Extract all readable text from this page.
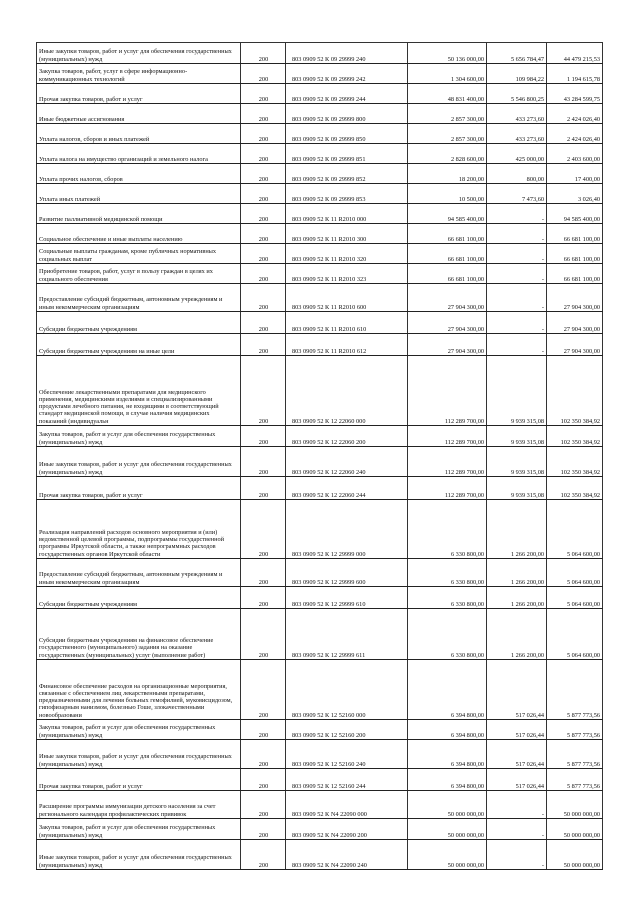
Иные закупки товаров, работ и услуг для обеспечения государственных (муниципальных) нужд	200	803 0909 52 К 09 29999 240	50 136 000,00	5 656 784,47	44 479 215,53
Закупка товаров, работ, услуг в сфере информационно-коммуникационных технологий	200	803 0909 52 К 09 29999 242	1 304 600,00	109 984,22	1 194 615,78
Прочая закупка товаров, работ и услуг	200	803 0909 52 К 09 29999 244	48 831 400,00	5 546 800,25	43 284 599,75
Иные бюджетные ассигнования	200	803 0909 52 К 09 29999 800	2 857 300,00	433 273,60	2 424 026,40
Уплата налогов, сборов и иных платежей	200	803 0909 52 К 09 29999 850	2 857 300,00	433 273,60	2 424 026,40
Уплата налога на имущество организаций и земельного налога	200	803 0909 52 К 09 29999 851	2 828 600,00	425 000,00	2 403 600,00
Уплата прочих налогов, сборов	200	803 0909 52 К 09 29999 852	18 200,00	800,00	17 400,00
Уплата иных платежей	200	803 0909 52 К 09 29999 853	10 500,00	7 473,60	3 026,40
Развитие паллиативной медицинской помощи	200	803 0909 52 К 11 R2010 000	94 585 400,00	-	94 585 400,00
Социальное обеспечение и иные выплаты населению	200	803 0909 52 К 11 R2010 300	66 681 100,00	-	66 681 100,00
Социальные выплаты гражданам, кроме публичных нормативных социальных выплат	200	803 0909 52 К 11 R2010 320	66 681 100,00	-	66 681 100,00
Приобретение товаров, работ, услуг в пользу граждан в целях их социального обеспечения	200	803 0909 52 К 11 R2010 323	66 681 100,00	-	66 681 100,00
Предоставление субсидий бюджетным, автономным учреждениям и иным некоммерческим организациям	200	803 0909 52 К 11 R2010 600	27 904 300,00	-	27 904 300,00
Субсидии бюджетным учреждениям	200	803 0909 52 К 11 R2010 610	27 904 300,00	-	27 904 300,00
Субсидии бюджетным учреждениям на иные цели	200	803 0909 52 К 11 R2010 612	27 904 300,00	-	27 904 300,00
Обеспечение лекарственными препаратами для медицинского применения, медицинскими изделиями и специализированными продуктами лечебного питания, не входящими в соответствующий стандарт медицинской помощи, в случае наличия медицинских показаний (индивидуальн	200	803 0909 52 К 12 22060 000	112 289 700,00	9 939 315,08	102 350 384,92
Закупка товаров, работ и услуг для обеспечения государственных (муниципальных) нужд	200	803 0909 52 К 12 22060 200	112 289 700,00	9 939 315,08	102 350 384,92
Иные закупки товаров, работ и услуг для обеспечения государственных (муниципальных) нужд	200	803 0909 52 К 12 22060 240	112 289 700,00	9 939 315,08	102 350 384,92
Прочая закупка товаров, работ и услуг	200	803 0909 52 К 12 22060 244	112 289 700,00	9 939 315,08	102 350 384,92
Реализация направлений расходов основного мероприятия и (или) ведомственной целевой программы, подпрограммы государственной программы Иркутской области, а также непрограммных расходов государственных органов Иркутской области	200	803 0909 52 К 12 29999 000	6 330 800,00	1 266 200,00	5 064 600,00
Предоставление субсидий бюджетным, автономным учреждениям и иным некоммерческим организациям	200	803 0909 52 К 12 29999 600	6 330 800,00	1 266 200,00	5 064 600,00
Субсидии бюджетным учреждениям	200	803 0909 52 К 12 29999 610	6 330 800,00	1 266 200,00	5 064 600,00
Субсидии бюджетным учреждениям на финансовое обеспечение государственного (муниципального) задания на оказание государственных (муниципальных) услуг (выполнение работ)	200	803 0909 52 К 12 29999 611	6 330 800,00	1 266 200,00	5 064 600,00
Финансовое обеспечение расходов на организационные мероприятия, связанные с обеспечением лиц лекарственными препаратами, предназначенными для лечения больных гемофилией, муковисцидозом, гипофизарным нанизмом, болезнью Гоше, злокачественными новообразовани	200	803 0909 52 К 12 52160 000	6 394 800,00	517 026,44	5 877 773,56
Закупка товаров, работ и услуг для обеспечения государственных (муниципальных) нужд	200	803 0909 52 К 12 52160 200	6 394 800,00	517 026,44	5 877 773,56
Иные закупки товаров, работ и услуг для обеспечения государственных (муниципальных) нужд	200	803 0909 52 К 12 52160 240	6 394 800,00	517 026,44	5 877 773,56
Прочая закупка товаров, работ и услуг	200	803 0909 52 К 12 52160 244	6 394 800,00	517 026,44	5 877 773,56
Расширение программы иммунизации детского населения за счет регионального календаря профилактических прививок	200	803 0909 52 К N4 22090 000	50 000 000,00	-	50 000 000,00
Закупка товаров, работ и услуг для обеспечения государственных (муниципальных) нужд	200	803 0909 52 К N4 22090 200	50 000 000,00	-	50 000 000,00
Иные закупки товаров, работ и услуг для обеспечения государственных (муниципальных) нужд	200	803 0909 52 К N4 22090 240	50 000 000,00	-	50 000 000,00
